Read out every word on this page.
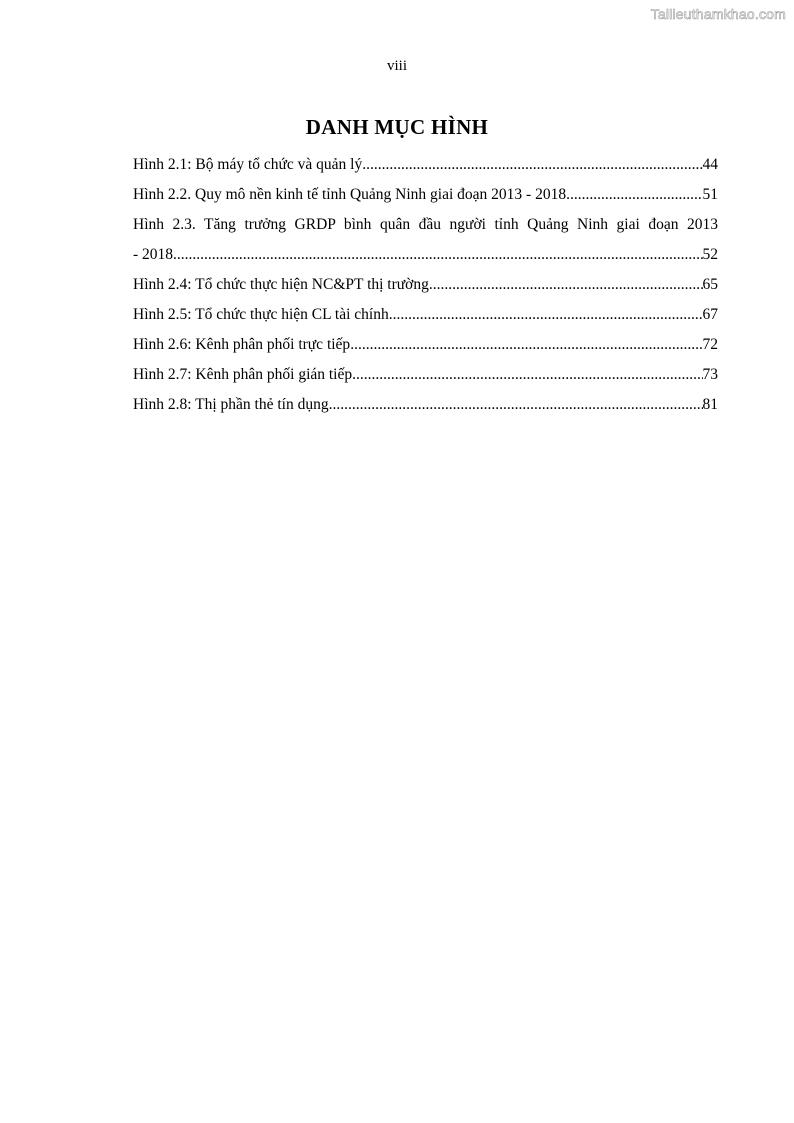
Tailieuthamkhao.com
viii
DANH MỤC HÌNH
Hình 2.1: Bộ máy tổ chức và quản lý .....	44
Hình 2.2. Quy mô nền kinh tế tỉnh Quảng Ninh giai đoạn 2013 - 2018 .....	51
Hình 2.3. Tăng trưởng GRDP bình quân đầu người tỉnh Quảng Ninh giai đoạn 2013
- 2018 .....	52
Hình 2.4: Tổ chức thực hiện NC&PT thị trường .....	65
Hình 2.5: Tổ chức thực hiện CL tài chính .....	67
Hình 2.6: Kênh phân phối trực tiếp .....	72
Hình 2.7: Kênh phân phối gián tiếp .....	73
Hình 2.8: Thị phần thẻ tín dụng .....	81
